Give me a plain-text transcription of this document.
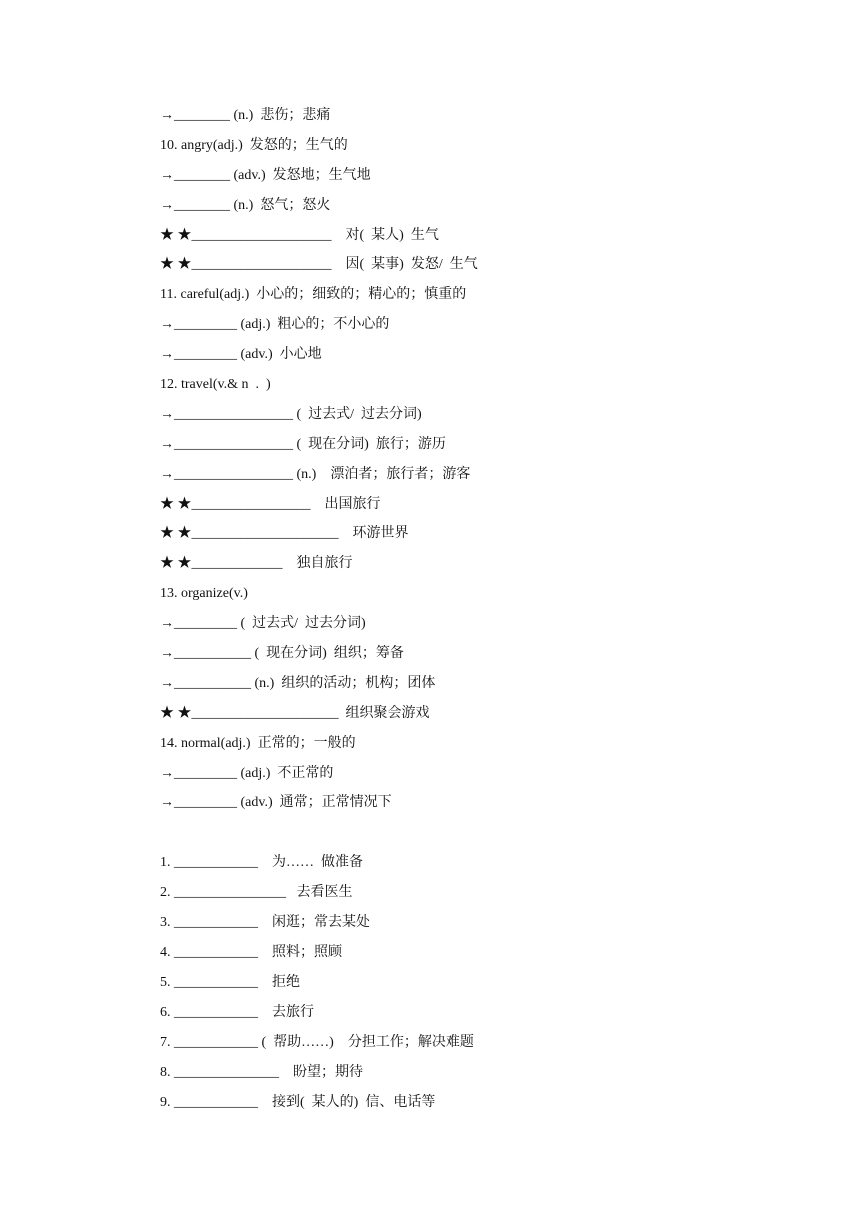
→________ (n.)  悲伤；悲痛
10. angry(adj.)  发怒的；生气的
→________ (adv.)  发怒地；生气地
→________ (n.)  怒气；怒火
★ ★____________________    对(  某人)  生气
★ ★____________________    因(  某事)  发怒/  生气
11. careful(adj.)  小心的；细致的；精心的；慎重的
→_________ (adj.)  粗心的；不小心的
→_________ (adv.)  小心地
12. travel(v.& n  .  )
→_________________ (  过去式/  过去分词)
→_________________ (  现在分词)  旅行；游历
→_________________ (n.)    漂泊者；旅行者；游客
★ ★_________________    出国旅行
★ ★_____________________    环游世界
★ ★_____________    独自旅行
13. organize(v.)
→_________ (  过去式/  过去分词)
→___________ (  现在分词)  组织；筹备
→___________ (n.)  组织的活动；机构；团体
★ ★_____________________  组织聚会游戏
14. normal(adj.)  正常的；一般的
→_________ (adj.)  不正常的
→_________ (adv.)  通常；正常情况下
1. ____________    为……  做准备
2. ________________   去看医生
3. ____________    闲逛；常去某处
4. ____________    照料；照顾
5. ____________    拒绝
6. ____________    去旅行
7. ____________ (  帮助……)    分担工作；解决难题
8. _______________    盼望；期待
9. ____________    接到(  某人的)  信、电话等
